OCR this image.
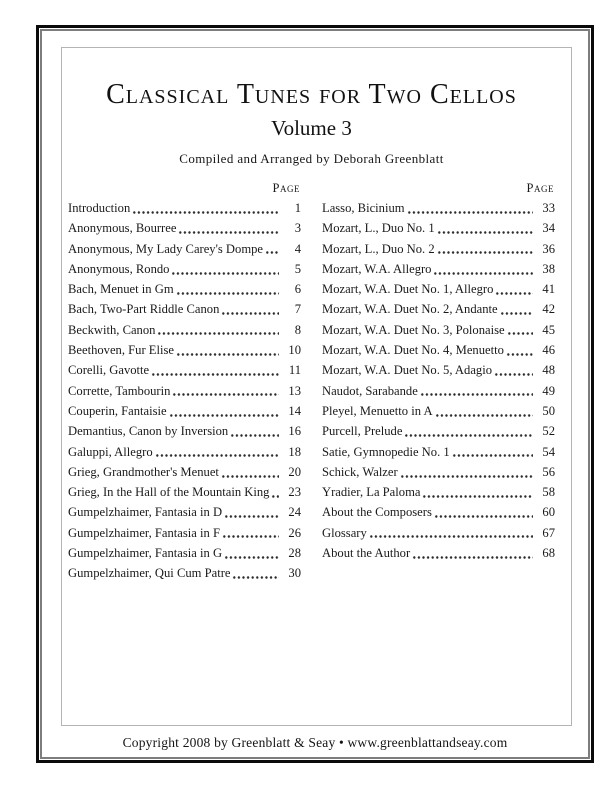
Classical Tunes for Two Cellos
Volume 3
Compiled and Arranged by Deborah Greenblatt
Page
Introduction	1
Anonymous, Bourree	3
Anonymous, My Lady Carey's Dompe	4
Anonymous, Rondo	5
Bach, Menuet in Gm	6
Bach, Two-Part Riddle Canon	7
Beckwith, Canon	8
Beethoven, Fur Elise	10
Corelli, Gavotte	11
Corrette, Tambourin	13
Couperin, Fantaisie	14
Demantius, Canon by Inversion	16
Galuppi, Allegro	18
Grieg, Grandmother's Menuet	20
Grieg, In the Hall of the Mountain King	23
Gumpelzhaimer, Fantasia in D	24
Gumpelzhaimer, Fantasia in F	26
Gumpelzhaimer, Fantasia in G	28
Gumpelzhaimer, Qui Cum Patre	30
Page
Lasso, Bicinium	33
Mozart, L., Duo No. 1	34
Mozart, L., Duo No. 2	36
Mozart, W.A. Allegro	38
Mozart, W.A. Duet No. 1, Allegro	41
Mozart, W.A. Duet No. 2, Andante	42
Mozart, W.A. Duet No. 3, Polonaise	45
Mozart, W.A. Duet No. 4, Menuetto	46
Mozart, W.A. Duet No. 5, Adagio	48
Naudot, Sarabande	49
Pleyel, Menuetto in A	50
Purcell, Prelude	52
Satie, Gymnopedie No. 1	54
Schick, Walzer	56
Yradier, La Paloma	58
About the Composers	60
Glossary	67
About the Author	68
Copyright 2008 by Greenblatt & Seay • www.greenblattandseay.com
